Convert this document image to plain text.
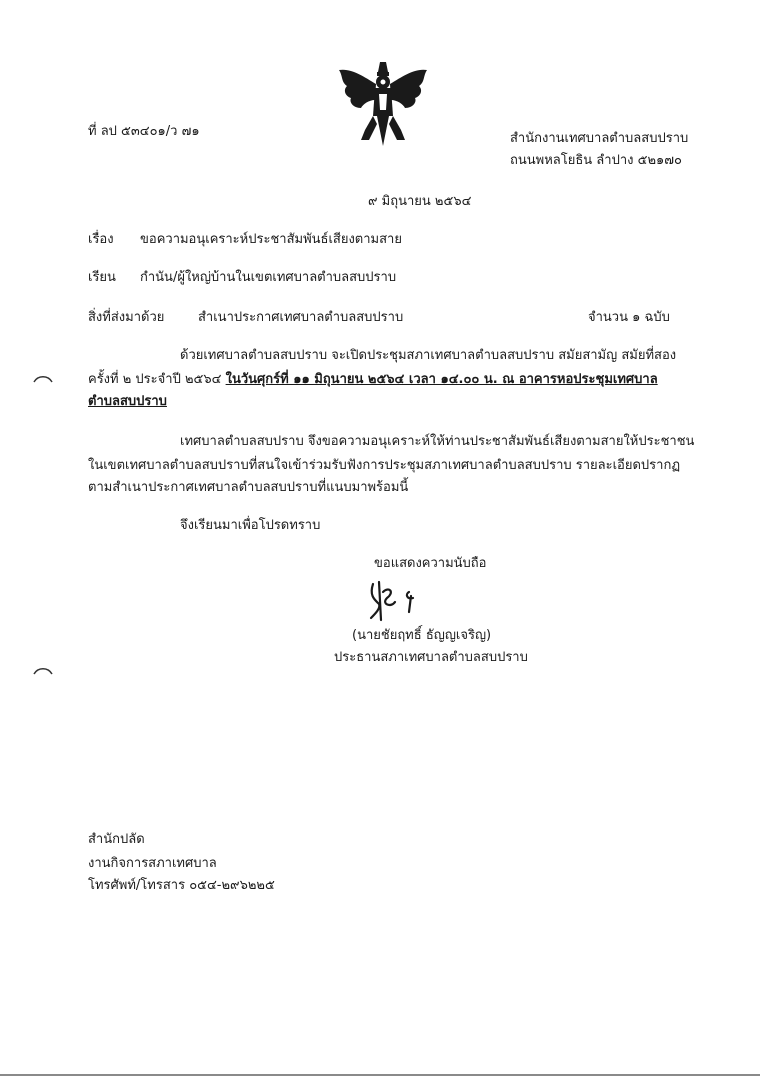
ที่ ลป ๕๓๔๐๑/ว ๗๑	สำนักงานเทศบาลตำบลสบปราบ
ถนนพหลโยธิน ลำปาง ๕๒๑๗๐
๙ มิถุนายน ๒๕๖๔
เรื่อง ขอความอนุเคราะห์ประชาสัมพันธ์เสียงตามสาย
เรียน กำนัน/ผู้ใหญ่บ้านในเขตเทศบาลตำบลสบปราบ
สิ่งที่ส่งมาด้วย	สำเนาประกาศเทศบาลตำบลสบปราบ	จำนวน ๑ ฉบับ
ด้วยเทศบาลตำบลสบปราบ จะเปิดประชุมสภาเทศบาลตำบลสบปราบ สมัยสามัญ สมัยที่สอง
ครั้งที่ ๒ ประจำปี ๒๕๖๔ ในวันศุกร์ที่ ๑๑ มิถุนายน ๒๕๖๔ เวลา ๑๔.๐๐ น. ณ อาคารหอประชุมเทศบาล
ตำบลสบปราบ
เทศบาลตำบลสบปราบ จึงขอความอนุเคราะห์ให้ท่านประชาสัมพันธ์เสียงตามสายให้ประชาชน
ในเขตเทศบาลตำบลสบปราบที่สนใจเข้าร่วมรับฟังการประชุมสภาเทศบาลตำบลสบปราบ รายละเอียดปรากฏ
ตามสำเนาประกาศเทศบาลตำบลสบปราบที่แนบมาพร้อมนี้
จึงเรียนมาเพื่อโปรดทราบ
ขอแสดงความนับถือ
(นายชัยฤทธิ์ ธัญญเจริญ)
ประธานสภาเทศบาลตำบลสบปราบ
สำนักปลัด
งานกิจการสภาเทศบาล
โทรศัพท์/โทรสาร ๐๕๔-๒๙๖๒๒๕
